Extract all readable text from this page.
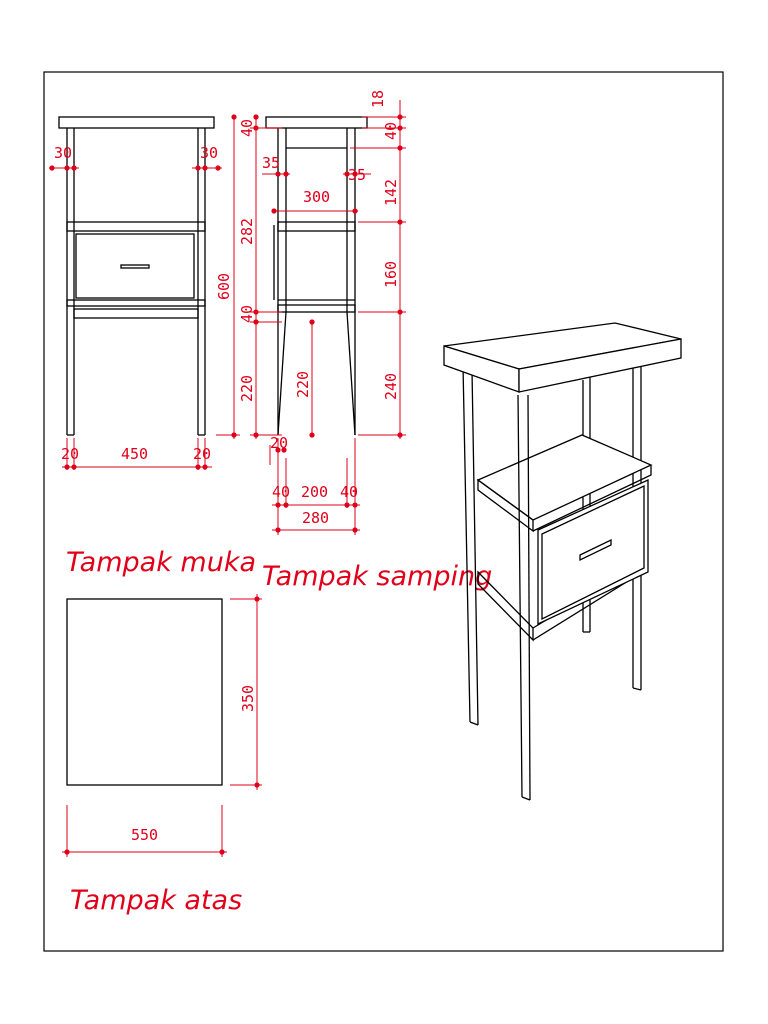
30	30
600
20	450	20
40
282
40
220	220
35
35
300
20
40 200 40
280
18
40
142
160
240
Tampak muka Tampak samping
Tampak atas
350
550
